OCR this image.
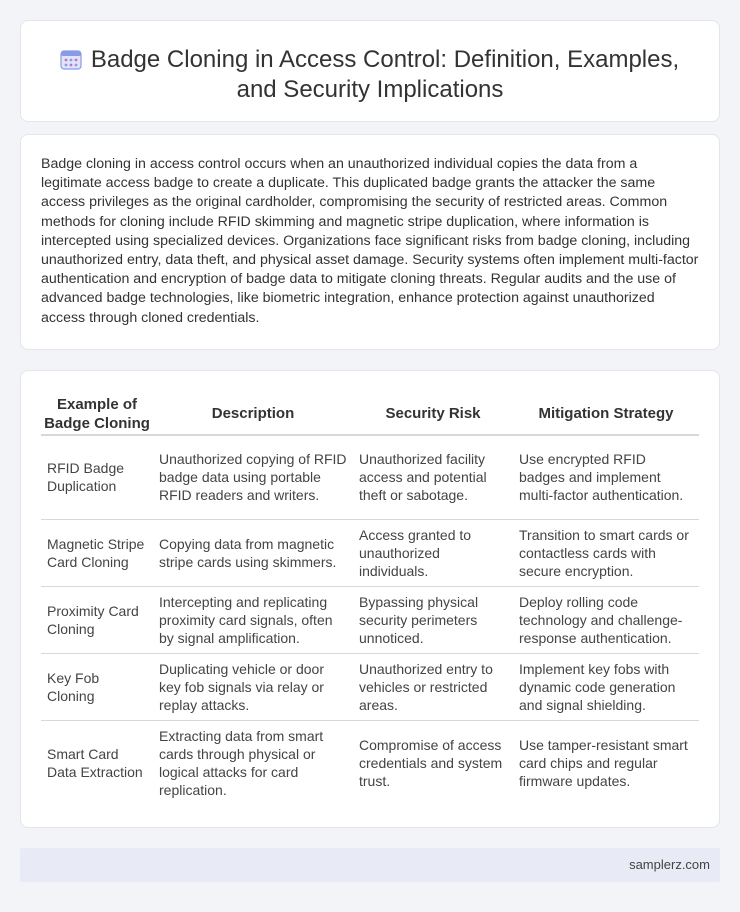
Badge Cloning in Access Control: Definition, Examples,
and Security Implications

Badge cloning in access control occurs when an unauthorized individual copies the data from a legitimate access badge to create a duplicate. This duplicated badge grants the attacker the same access privileges as the original cardholder, compromising the security of restricted areas. Common methods for cloning include RFID skimming and magnetic stripe duplication, where information is intercepted using specialized devices. Organizations face significant risks from badge cloning, including unauthorized entry, data theft, and physical asset damage. Security systems often implement multi-factor authentication and encryption of badge data to mitigate cloning threats. Regular audits and the use of advanced badge technologies, like biometric integration, enhance protection against unauthorized access through cloned credentials.

Example of Badge Cloning	Description	Security Risk	Mitigation Strategy
RFID Badge Duplication	Unauthorized copying of RFID badge data using portable RFID readers and writers.	Unauthorized facility access and potential theft or sabotage.	Use encrypted RFID badges and implement multi-factor authentication.
Magnetic Stripe Card Cloning	Copying data from magnetic stripe cards using skimmers.	Access granted to unauthorized individuals.	Transition to smart cards or contactless cards with secure encryption.
Proximity Card Cloning	Intercepting and replicating proximity card signals, often by signal amplification.	Bypassing physical security perimeters unnoticed.	Deploy rolling code technology and challenge-response authentication.
Key Fob Cloning	Duplicating vehicle or door key fob signals via relay or replay attacks.	Unauthorized entry to vehicles or restricted areas.	Implement key fobs with dynamic code generation and signal shielding.
Smart Card Data Extraction	Extracting data from smart cards through physical or logical attacks for card replication.	Compromise of access credentials and system trust.	Use tamper-resistant smart card chips and regular firmware updates.
samplerz.com
